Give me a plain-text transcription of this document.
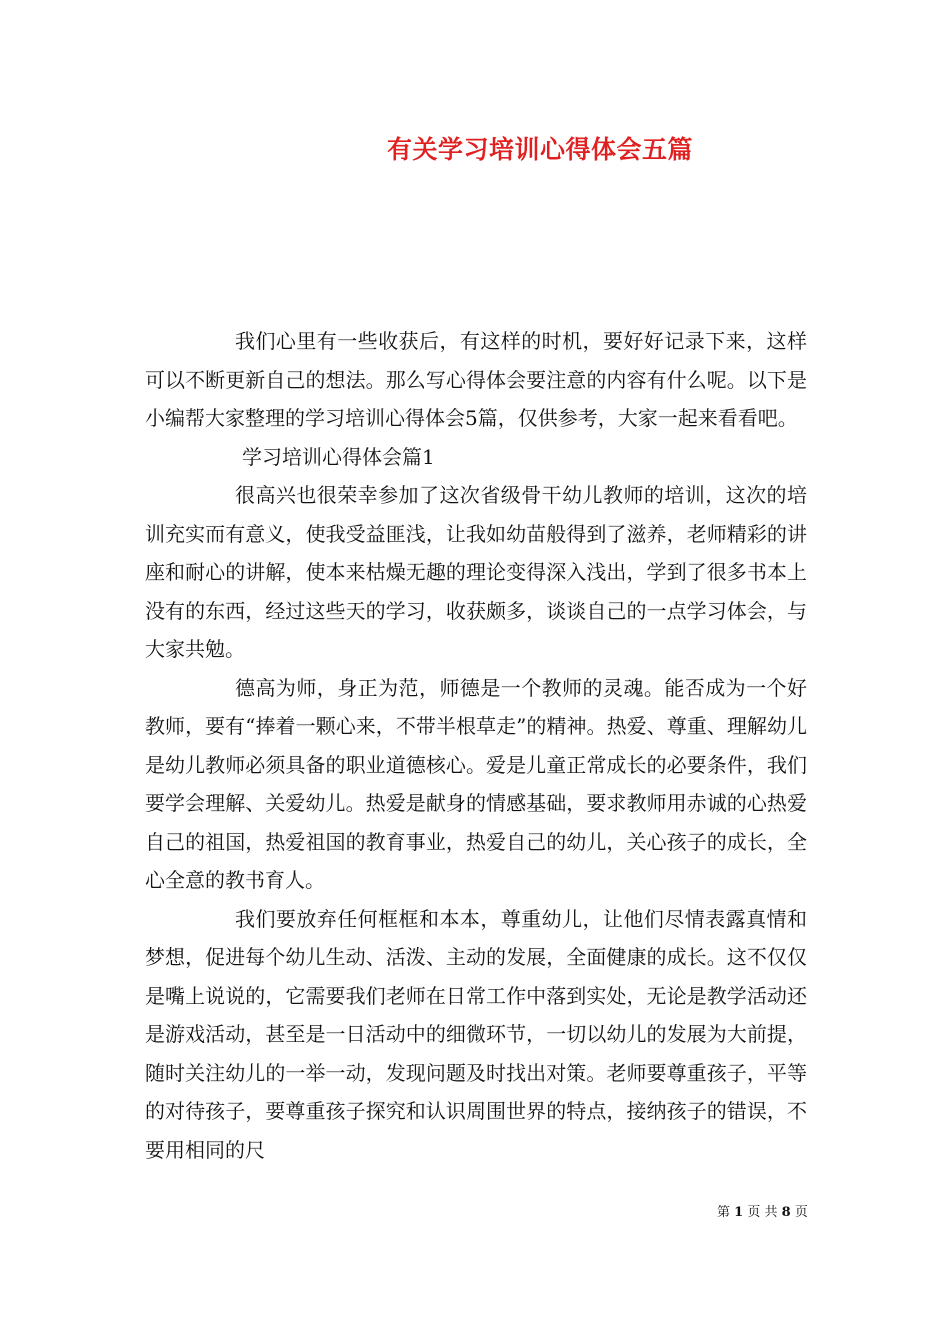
有关学习培训心得体会五篇

我们心里有一些收获后，有这样的时机，要好好记录下来，这样可以不断更新自己的想法。那么写心得体会要注意的内容有什么呢。以下是小编帮大家整理的学习培训心得体会5篇，仅供参考，大家一起来看看吧。

学习培训心得体会篇1

很高兴也很荣幸参加了这次省级骨干幼儿教师的培训，这次的培训充实而有意义，使我受益匪浅，让我如幼苗般得到了滋养，老师精彩的讲座和耐心的讲解，使本来枯燥无趣的理论变得深入浅出，学到了很多书本上没有的东西，经过这些天的学习，收获颇多，谈谈自己的一点学习体会，与大家共勉。

德高为师，身正为范，师德是一个教师的灵魂。能否成为一个好教师，要有“捧着一颗心来，不带半根草走”的精神。热爱、尊重、理解幼儿是幼儿教师必须具备的职业道德核心。爱是儿童正常成长的必要条件，我们要学会理解、关爱幼儿。热爱是献身的情感基础，要求教师用赤诚的心热爱自己的祖国，热爱祖国的教育事业，热爱自己的幼儿，关心孩子的成长，全心全意的教书育人。

我们要放弃任何框框和本本，尊重幼儿，让他们尽情表露真情和梦想，促进每个幼儿生动、活泼、主动的发展，全面健康的成长。这不仅仅是嘴上说说的，它需要我们老师在日常工作中落到实处，无论是教学活动还是游戏活动，甚至是一日活动中的细微环节，一切以幼儿的发展为大前提，随时关注幼儿的一举一动，发现问题及时找出对策。老师要尊重孩子，平等的对待孩子，要尊重孩子探究和认识周围世界的特点，接纳孩子的错误，不要用相同的尺

第 1 页 共 8 页
